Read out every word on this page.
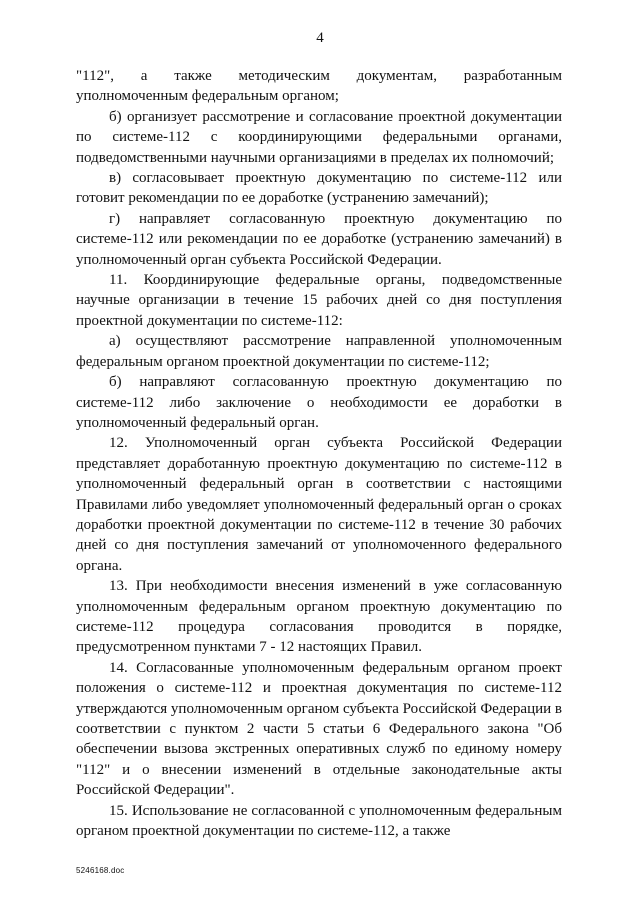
4

"112", а также методическим документам, разработанным уполномоченным федеральным органом;

б) организует рассмотрение и согласование проектной документации по системе-112 с координирующими федеральными органами, подведомственными научными организациями в пределах их полномочий;

в) согласовывает проектную документацию по системе-112 или готовит рекомендации по ее доработке (устранению замечаний);

г) направляет согласованную проектную документацию по системе-112 или рекомендации по ее доработке (устранению замечаний) в уполномоченный орган субъекта Российской Федерации.

11. Координирующие федеральные органы, подведомственные научные организации в течение 15 рабочих дней со дня поступления проектной документации по системе-112:

а) осуществляют рассмотрение направленной уполномоченным федеральным органом проектной документации по системе-112;

б) направляют согласованную проектную документацию по системе-112 либо заключение о необходимости ее доработки в уполномоченный федеральный орган.

12. Уполномоченный орган субъекта Российской Федерации представляет доработанную проектную документацию по системе-112 в уполномоченный федеральный орган в соответствии с настоящими Правилами либо уведомляет уполномоченный федеральный орган о сроках доработки проектной документации по системе-112 в течение 30 рабочих дней со дня поступления замечаний от уполномоченного федерального органа.

13. При необходимости внесения изменений в уже согласованную уполномоченным федеральным органом проектную документацию по системе-112 процедура согласования проводится в порядке, предусмотренном пунктами 7 - 12 настоящих Правил.

14. Согласованные уполномоченным федеральным органом проект положения о системе-112 и проектная документация по системе-112 утверждаются уполномоченным органом субъекта Российской Федерации в соответствии с пунктом 2 части 5 статьи 6 Федерального закона "Об обеспечении вызова экстренных оперативных служб по единому номеру "112" и о внесении изменений в отдельные законодательные акты Российской Федерации".

15. Использование не согласованной с уполномоченным федеральным органом проектной документации по системе-112, а также

5246168.doc
